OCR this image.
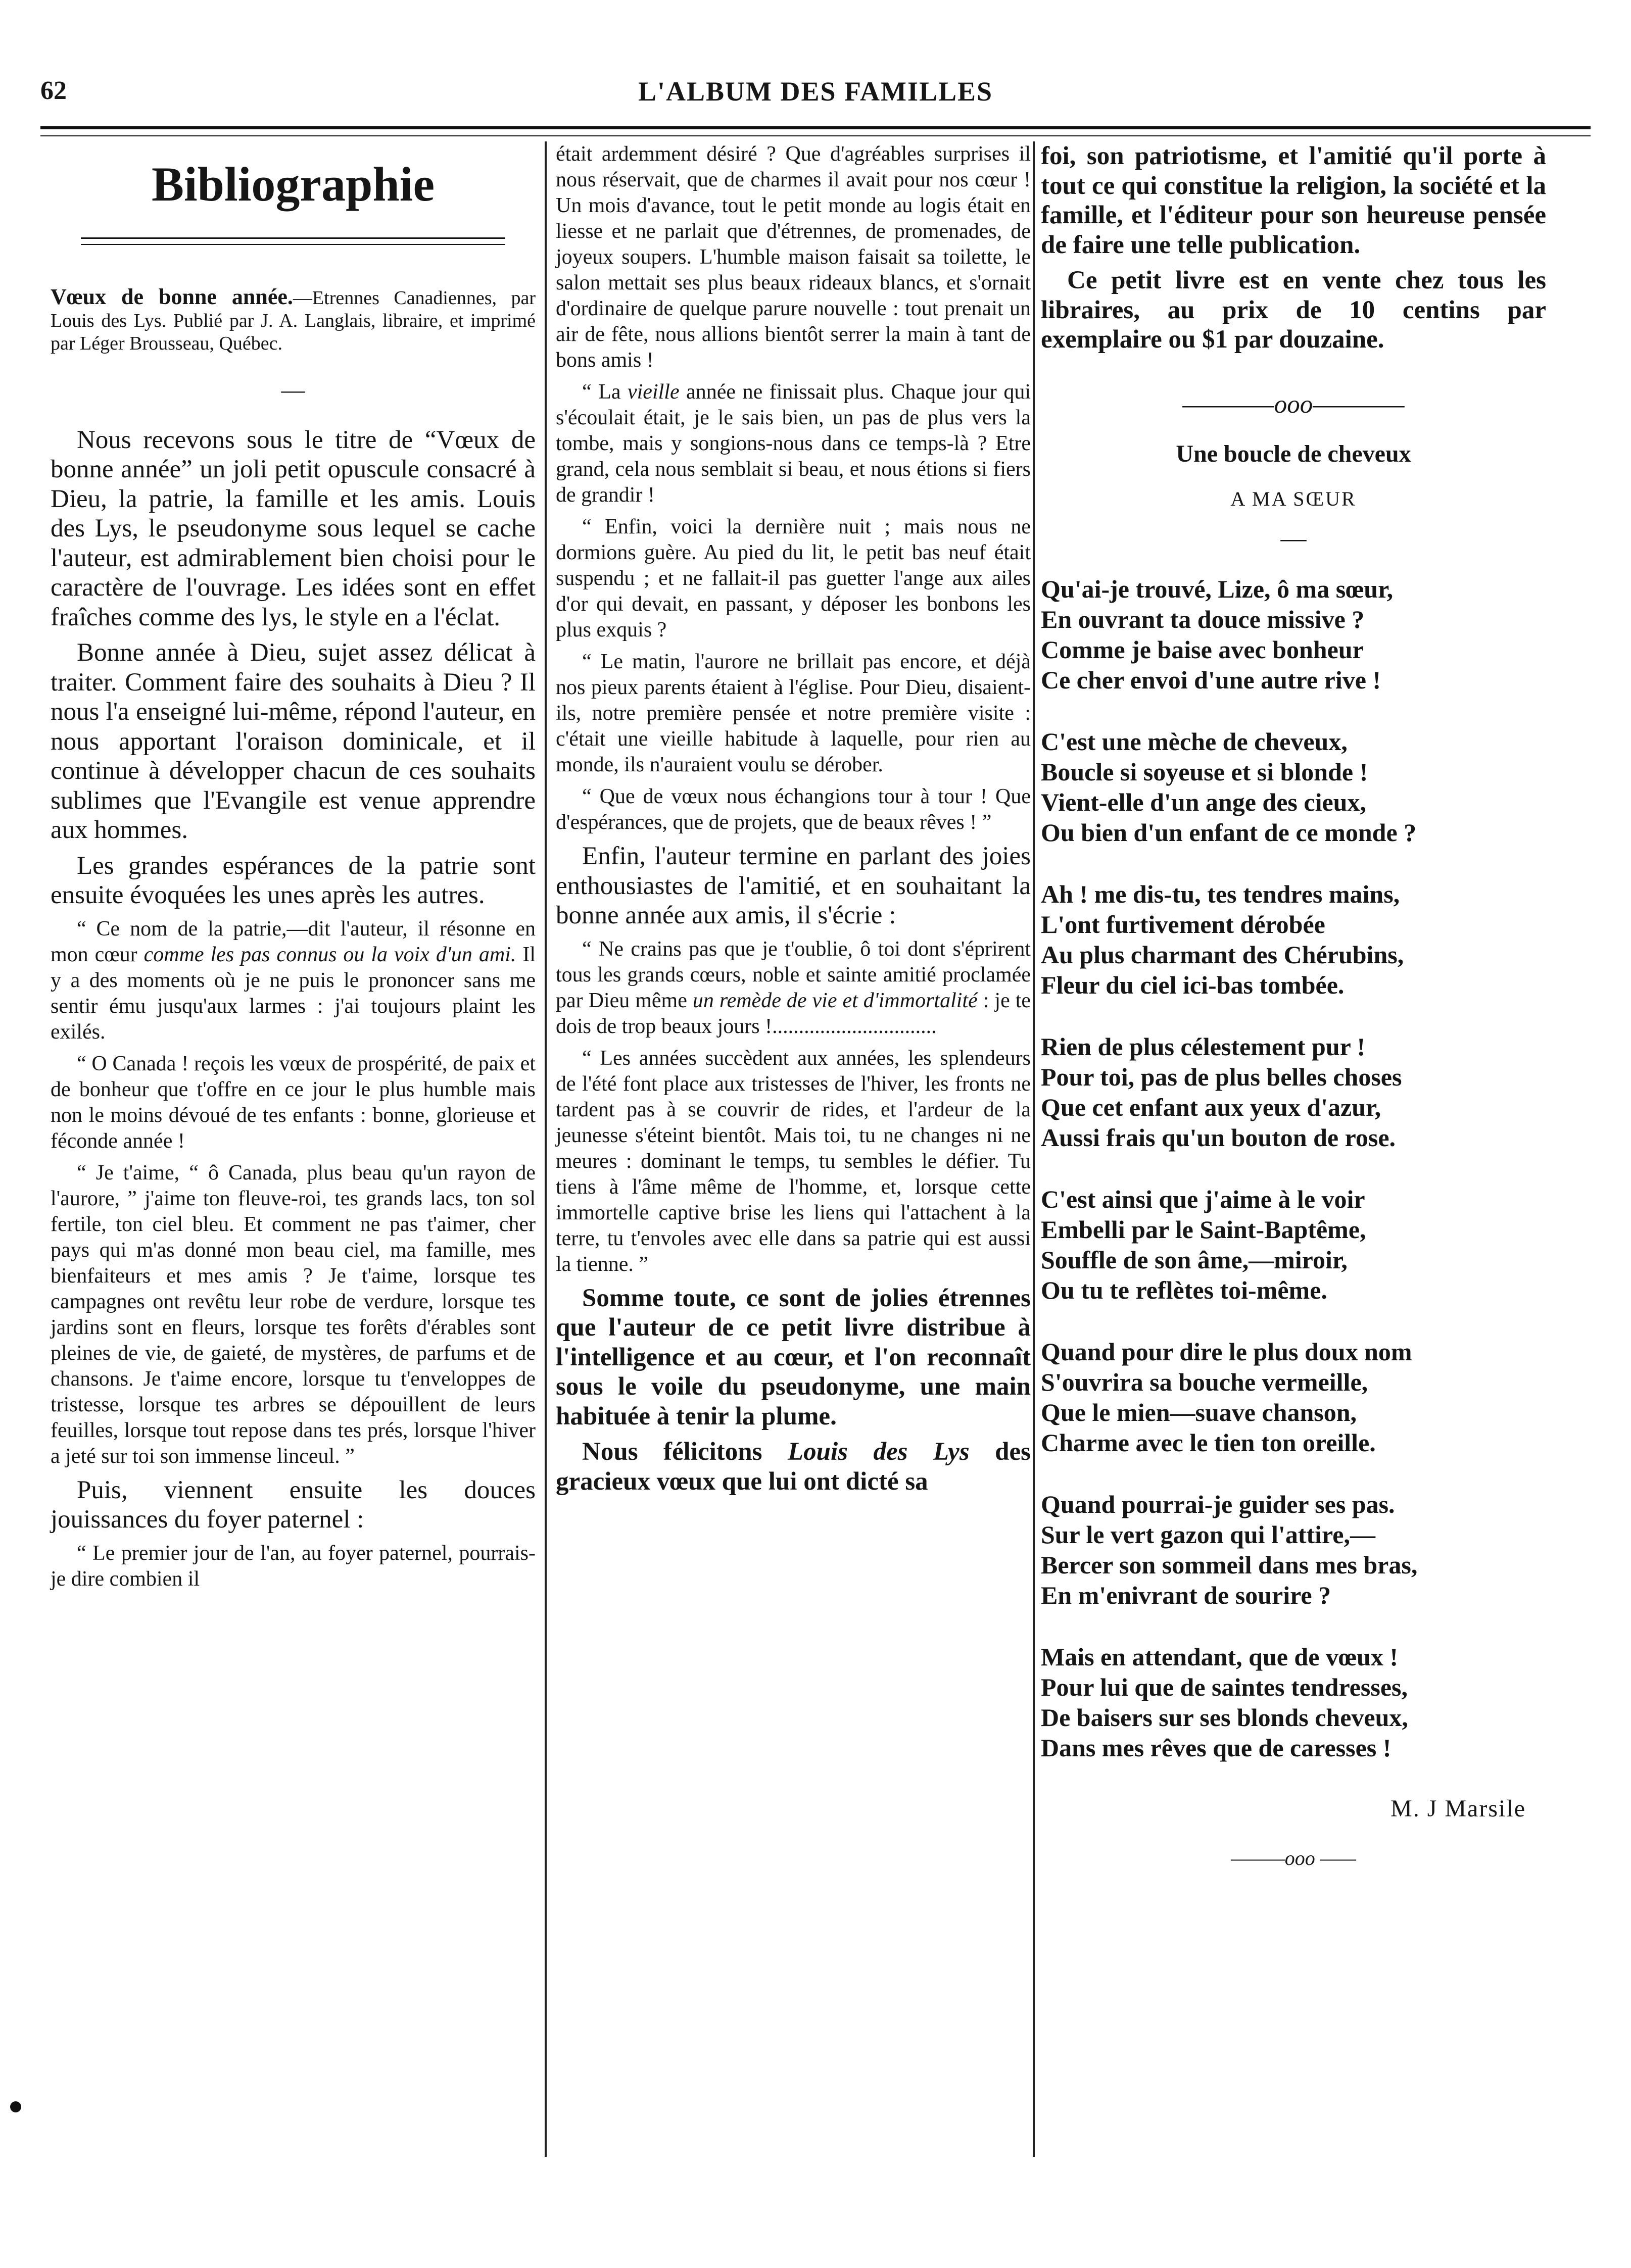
62	L'ALBUM DES FAMILLES
Bibliographie
Vœux de bonne année.—Etrennes Canadiennes, par Louis des Lys. Publié par J. A. Langlais, libraire, et imprimé par Léger Brousseau, Québec.
—

Nous recevons sous le titre de “Vœux de bonne année” un joli petit opuscule consacré à Dieu, la patrie, la famille et les amis. Louis des Lys, le pseudonyme sous lequel se cache l'auteur, est admirablement bien choisi pour le caractère de l'ouvrage. Les idées sont en effet fraîches comme des lys, le style en a l'éclat.

Bonne année à Dieu, sujet assez délicat à traiter. Comment faire des souhaits à Dieu ? Il nous l'a enseigné lui-même, répond l'auteur, en nous apportant l'oraison dominicale, et il continue à développer chacun de ces souhaits sublimes que l'Evangile est venue apprendre aux hommes.

Les grandes espérances de la patrie sont ensuite évoquées les unes après les autres.

“ Ce nom de la patrie,—dit l'auteur, il résonne en mon cœur comme les pas connus ou la voix d'un ami. Il y a des moments où je ne puis le prononcer sans me sentir ému jusqu'aux larmes : j'ai toujours plaint les exilés.

“ O Canada ! reçois les vœux de prospérité, de paix et de bonheur que t'offre en ce jour le plus humble mais non le moins dévoué de tes enfants : bonne, glorieuse et féconde année !

“ Je t'aime, “ ô Canada, plus beau qu'un rayon de l'aurore, ” j'aime ton fleuve-roi, tes grands lacs, ton sol fertile, ton ciel bleu. Et comment ne pas t'aimer, cher pays qui m'as donné mon beau ciel, ma famille, mes bienfaiteurs et mes amis ? Je t'aime, lorsque tes campagnes ont revêtu leur robe de verdure, lorsque tes jardins sont en fleurs, lorsque tes forêts d'érables sont pleines de vie, de gaieté, de mystères, de parfums et de chansons. Je t'aime encore, lorsque tu t'enveloppes de tristesse, lorsque tes arbres se dépouillent de leurs feuilles, lorsque tout repose dans tes prés, lorsque l'hiver a jeté sur toi son immense linceul. ”

Puis, viennent ensuite les douces jouissances du foyer paternel :

“ Le premier jour de l'an, au foyer paternel, pourrais-je dire combien il

était ardemment désiré ? Que d'agréables surprises il nous réservait, que de charmes il avait pour nos cœur ! Un mois d'avance, tout le petit monde au logis était en liesse et ne parlait que d'étrennes, de promenades, de joyeux soupers. L'humble maison faisait sa toilette, le salon mettait ses plus beaux rideaux blancs, et s'ornait d'ordinaire de quelque parure nouvelle : tout prenait un air de fête, nous allions bientôt serrer la main à tant de bons amis !

“ La vieille année ne finissait plus. Chaque jour qui s'écoulait était, je le sais bien, un pas de plus vers la tombe, mais y songions-nous dans ce temps-là ? Etre grand, cela nous semblait si beau, et nous étions si fiers de grandir !

“ Enfin, voici la dernière nuit ; mais nous ne dormions guère. Au pied du lit, le petit bas neuf était suspendu ; et ne fallait-il pas guetter l'ange aux ailes d'or qui devait, en passant, y déposer les bonbons les plus exquis ?

“ Le matin, l'aurore ne brillait pas encore, et déjà nos pieux parents étaient à l'église. Pour Dieu, disaient-ils, notre première pensée et notre première visite : c'était une vieille habitude à laquelle, pour rien au monde, ils n'auraient voulu se dérober.

“ Que de vœux nous échangions tour à tour ! Que d'espérances, que de projets, que de beaux rêves ! ”

Enfin, l'auteur termine en parlant des joies enthousiastes de l'amitié, et en souhaitant la bonne année aux amis, il s'écrie :

“ Ne crains pas que je t'oublie, ô toi dont s'éprirent tous les grands cœurs, noble et sainte amitié proclamée par Dieu même un remède de vie et d'immortalité : je te dois de trop beaux jours !...............................

“ Les années succèdent aux années, les splendeurs de l'été font place aux tristesses de l'hiver, les fronts ne tardent pas à se couvrir de rides, et l'ardeur de la jeunesse s'éteint bientôt. Mais toi, tu ne changes ni ne meures : dominant le temps, tu sembles le défier. Tu tiens à l'âme même de l'homme, et, lorsque cette immortelle captive brise les liens qui l'attachent à la terre, tu t'envoles avec elle dans sa patrie qui est aussi la tienne. ”

Somme toute, ce sont de jolies étrennes que l'auteur de ce petit livre distribue à l'intelligence et au cœur, et l'on reconnaît sous le voile du pseudonyme, une main habituée à tenir la plume.

Nous félicitons Louis des Lys des gracieux vœux que lui ont dicté sa

foi, son patriotisme, et l'amitié qu'il porte à tout ce qui constitue la religion, la société et la famille, et l'éditeur pour son heureuse pensée de faire une telle publication.

Ce petit livre est en vente chez tous les libraires, au prix de 10 centins par exemplaire ou $1 par douzaine.

————ooo————
Une boucle de cheveux
A MA SŒUR
—
Qu'ai-je trouvé, Lize, ô ma sœur,
En ouvrant ta douce missive ?
Comme je baise avec bonheur
Ce cher envoi d'une autre rive !
C'est une mèche de cheveux,
Boucle si soyeuse et si blonde !
Vient-elle d'un ange des cieux,
Ou bien d'un enfant de ce monde ?
Ah ! me dis-tu, tes tendres mains,
L'ont furtivement dérobée
Au plus charmant des Chérubins,
Fleur du ciel ici-bas tombée.
Rien de plus célestement pur !
Pour toi, pas de plus belles choses
Que cet enfant aux yeux d'azur,
Aussi frais qu'un bouton de rose.
C'est ainsi que j'aime à le voir
Embelli par le Saint-Baptême,
Souffle de son âme,—miroir,
Ou tu te reflètes toi-même.
Quand pour dire le plus doux nom
S'ouvrira sa bouche vermeille,
Que le mien—suave chanson,
Charme avec le tien ton oreille.
Quand pourrai-je guider ses pas.
Sur le vert gazon qui l'attire,—
Bercer son sommeil dans mes bras,
En m'enivrant de sourire ?
Mais en attendant, que de vœux !
Pour lui que de saintes tendresses,
De baisers sur ses blonds cheveux,
Dans mes rêves que de caresses !
M. J Marsile
———ooo ——
